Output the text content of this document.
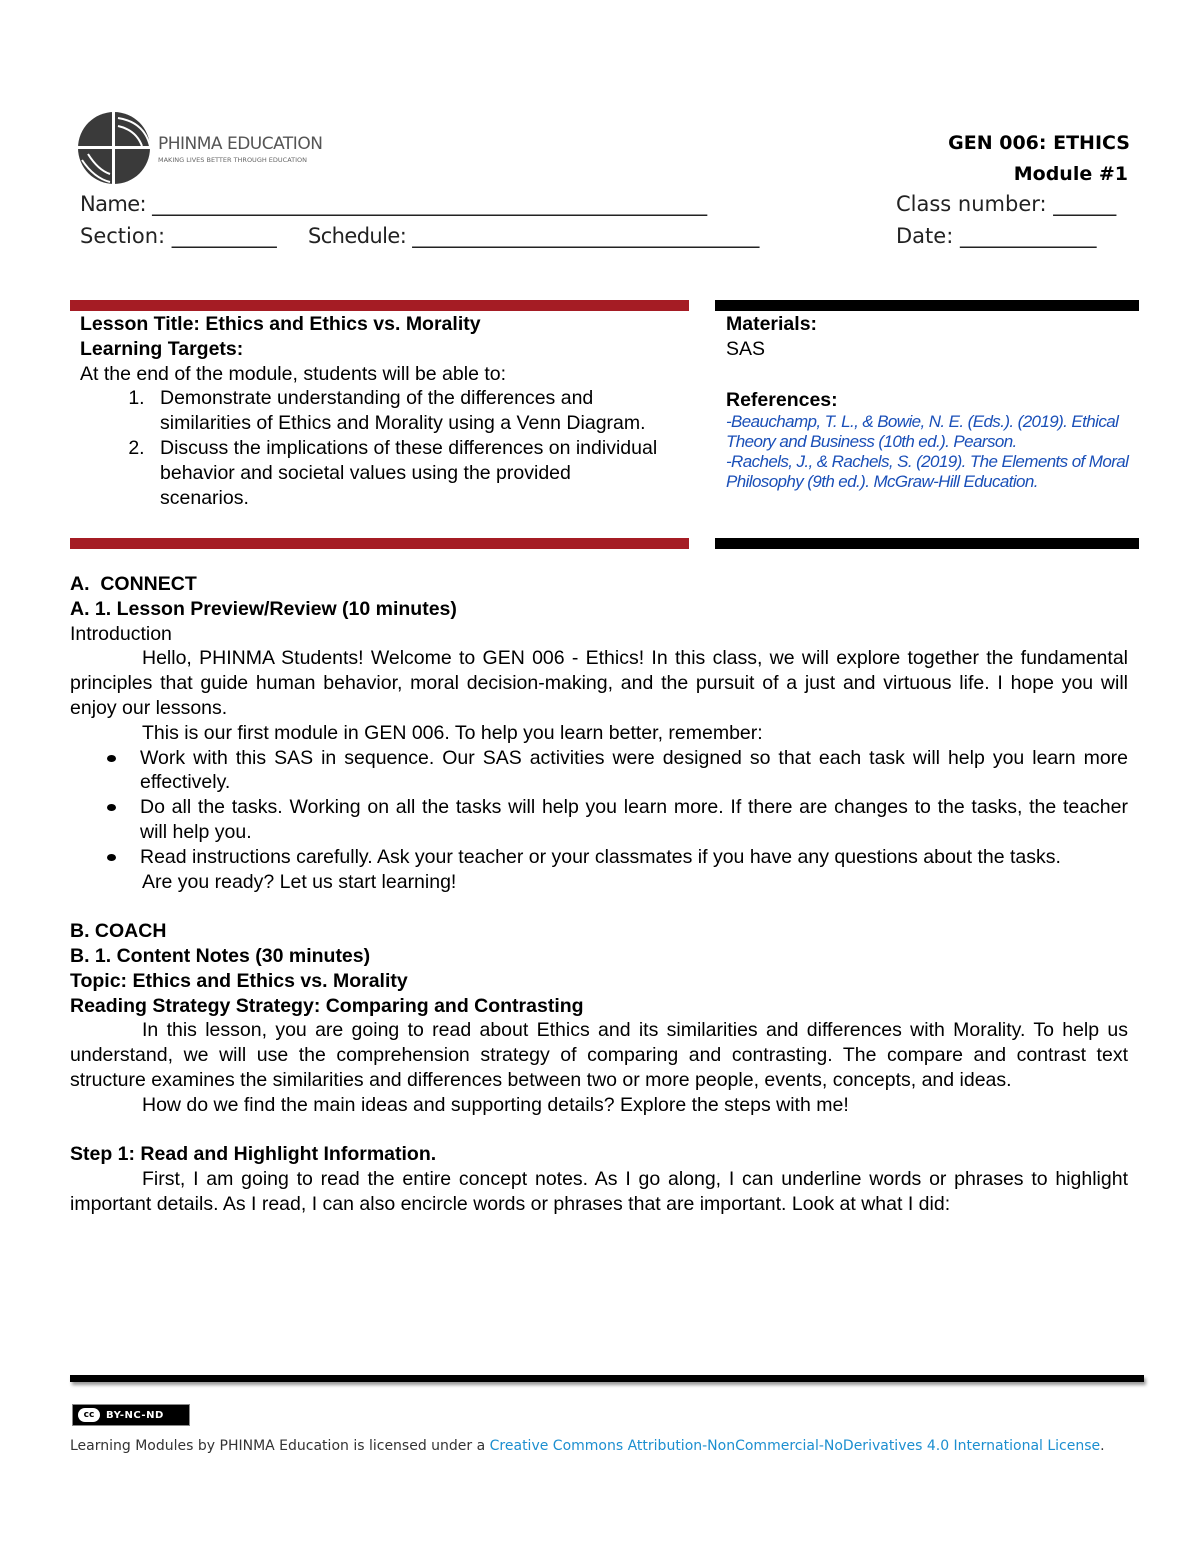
PHINMA EDUCATION
MAKING LIVES BETTER THROUGH EDUCATION
GEN 006: ETHICS
Module #1
Name: ________________________________________________________	Class number: ______
Section: __________ Schedule: ___________________________________	Date: _____________
Lesson Title: Ethics and Ethics vs. Morality
Learning Targets:
At the end of the module, students will be able to:
1. Demonstrate understanding of the differences and similarities of Ethics and Morality using a Venn Diagram.
2. Discuss the implications of these differences on individual behavior and societal values using the provided scenarios.
Materials:
SAS
References:
-Beauchamp, T. L., & Bowie, N. E. (Eds.). (2019). Ethical Theory and Business (10th ed.). Pearson.
-Rachels, J., & Rachels, S. (2019). The Elements of Moral Philosophy (9th ed.). McGraw-Hill Education.
A.  CONNECT
A. 1. Lesson Preview/Review (10 minutes)
Introduction
Hello, PHINMA Students! Welcome to GEN 006 - Ethics! In this class, we will explore together the fundamental principles that guide human behavior, moral decision-making, and the pursuit of a just and virtuous life. I hope you will enjoy our lessons.
This is our first module in GEN 006. To help you learn better, remember:
Work with this SAS in sequence. Our SAS activities were designed so that each task will help you learn more effectively.
Do all the tasks. Working on all the tasks will help you learn more. If there are changes to the tasks, the teacher will help you.
Read instructions carefully. Ask your teacher or your classmates if you have any questions about the tasks.
Are you ready? Let us start learning!
B. COACH
B. 1. Content Notes (30 minutes)
Topic: Ethics and Ethics vs. Morality
Reading Strategy Strategy: Comparing and Contrasting
In this lesson, you are going to read about Ethics and its similarities and differences with Morality. To help us understand, we will use the comprehension strategy of comparing and contrasting. The compare and contrast text structure examines the similarities and differences between two or more people, events, concepts, and ideas.
How do we find the main ideas and supporting details? Explore the steps with me!
Step 1: Read and Highlight Information.
First, I am going to read the entire concept notes. As I go along, I can underline words or phrases to highlight important details. As I read, I can also encircle words or phrases that are important. Look at what I did:
cc	BY-NC-ND
Learning Modules by PHINMA Education is licensed under a Creative Commons Attribution-NonCommercial-NoDerivatives 4.0 International License.
